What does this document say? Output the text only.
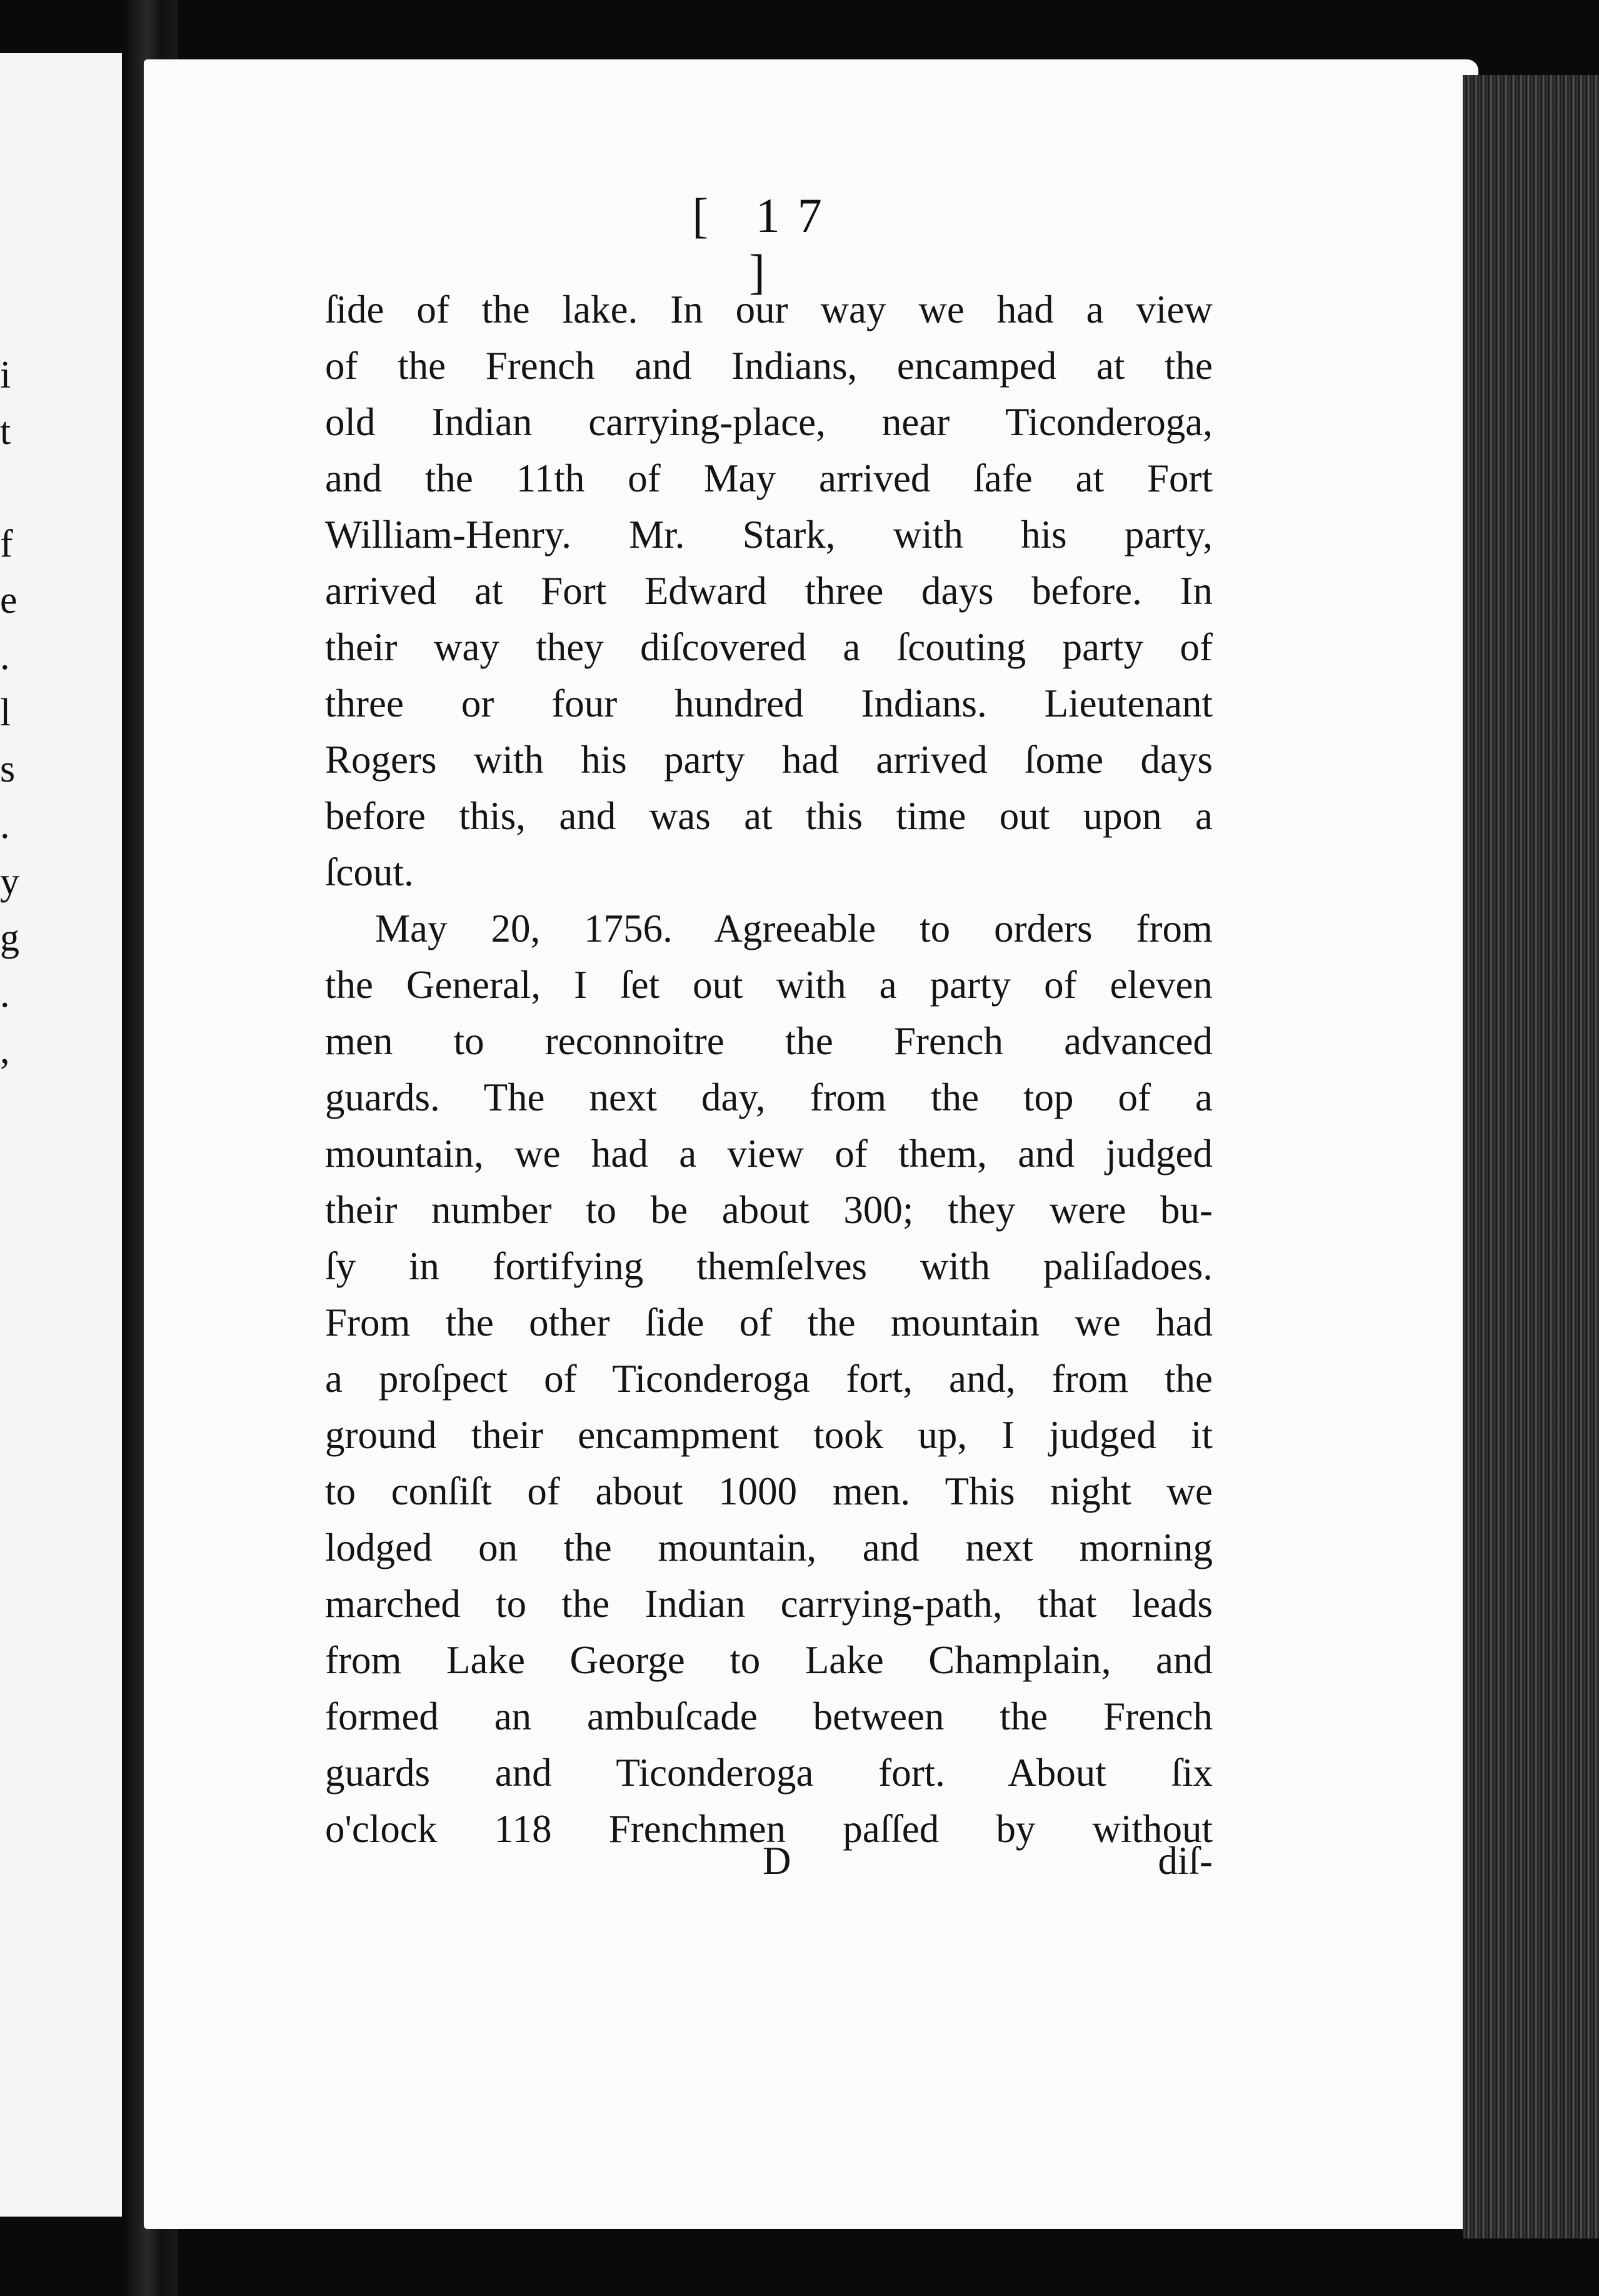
i
t
f
e
.
l
s
.
y
g
.
,
[ 17 ]
ſide of the lake. In our way we had a view
of the French and Indians, encamped at the
old Indian carrying-place, near Ticonderoga,
and the 11th of May arrived ſafe at Fort
William-Henry. Mr. Stark, with his party,
arrived at Fort Edward three days before. In
their way they diſcovered a ſcouting party of
three or four hundred Indians. Lieutenant
Rogers with his party had arrived ſome days
before this, and was at this time out upon a
ſcout.
May 20, 1756. Agreeable to orders from
the General, I ſet out with a party of eleven
men to reconnoitre the French advanced
guards. The next day, from the top of a
mountain, we had a view of them, and judged
their number to be about 300; they were bu-
ſy in fortifying themſelves with paliſadoes.
From the other ſide of the mountain we had
a proſpect of Ticonderoga fort, and, from the
ground their encampment took up, I judged it
to conſiſt of about 1000 men. This night we
lodged on the mountain, and next morning
marched to the Indian carrying-path, that leads
from Lake George to Lake Champlain, and
formed an ambuſcade between the French
guards and Ticonderoga fort. About ſix
o'clock 118 Frenchmen paſſed by without
D	diſ-
